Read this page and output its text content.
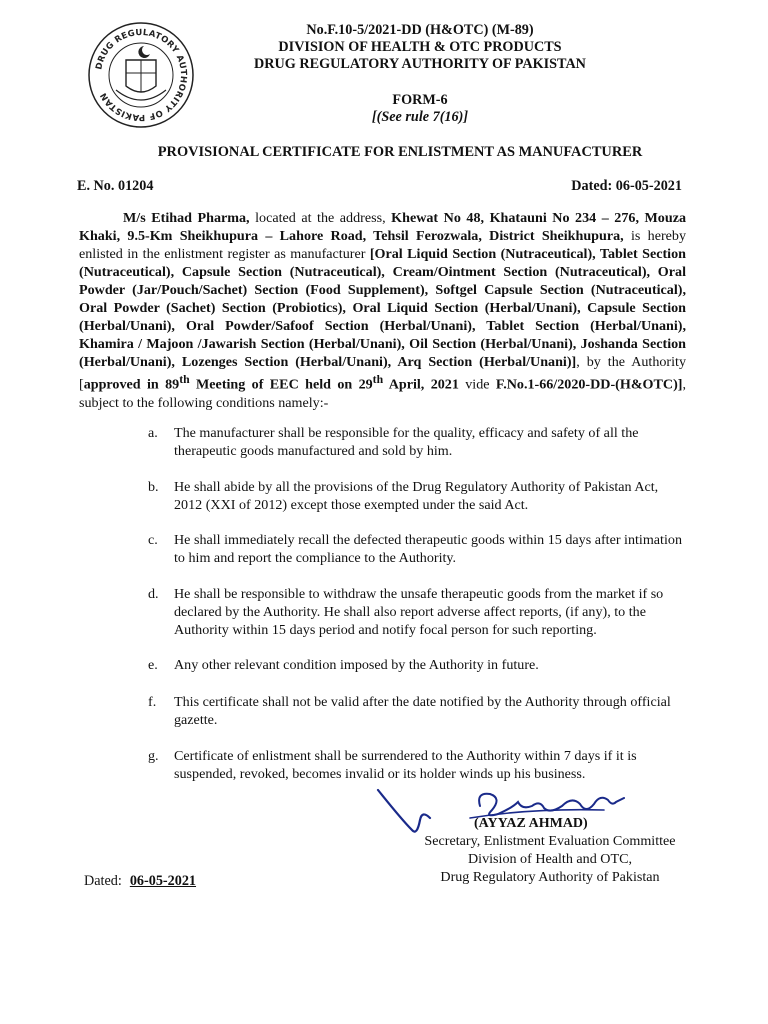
DRUG REGULATORY AUTHORITY OF PAKISTAN
No.F.10-5/2021-DD (H&OTC) (M-89)
DIVISION OF HEALTH & OTC PRODUCTS
DRUG REGULATORY AUTHORITY OF PAKISTAN
FORM-6
[(See rule 7(16)]
PROVISIONAL CERTIFICATE FOR ENLISTMENT AS MANUFACTURER
E. No. 01204	Dated: 06-05-2021
M/s Etihad Pharma, located at the address, Khewat No 48, Khatauni No 234 – 276, Mouza Khaki, 9.5-Km Sheikhupura – Lahore Road, Tehsil Ferozwala, District Sheikhupura, is hereby enlisted in the enlistment register as manufacturer [Oral Liquid Section (Nutraceutical), Tablet Section (Nutraceutical), Capsule Section (Nutraceutical), Cream/Ointment Section (Nutraceutical), Oral Powder (Jar/Pouch/Sachet) Section (Food Supplement), Softgel Capsule Section (Nutraceutical), Oral Powder (Sachet) Section (Probiotics), Oral Liquid Section (Herbal/Unani), Capsule Section (Herbal/Unani), Oral Powder/Safoof Section (Herbal/Unani), Tablet Section (Herbal/Unani), Khamira / Majoon /Jawarish Section (Herbal/Unani), Oil Section (Herbal/Unani), Joshanda Section (Herbal/Unani), Lozenges Section (Herbal/Unani), Arq Section (Herbal/Unani)], by the Authority [approved in 89th Meeting of EEC held on 29th April, 2021 vide F.No.1-66/2020-DD-(H&OTC)], subject to the following conditions namely:-
a. The manufacturer shall be responsible for the quality, efficacy and safety of all the therapeutic goods manufactured and sold by him.
b. He shall abide by all the provisions of the Drug Regulatory Authority of Pakistan Act, 2012 (XXI of 2012) except those exempted under the said Act.
c. He shall immediately recall the defected therapeutic goods within 15 days after intimation to him and report the compliance to the Authority.
d. He shall be responsible to withdraw the unsafe therapeutic goods from the market if so declared by the Authority. He shall also report adverse affect reports, (if any), to the Authority within 15 days period and notify focal person for such reporting.
e. Any other relevant condition imposed by the Authority in future.
f. This certificate shall not be valid after the date notified by the Authority through official gazette.
g. Certificate of enlistment shall be surrendered to the Authority within 7 days if it is suspended, revoked, becomes invalid or its holder winds up his business.
(AYYAZ AHMAD)
Secretary, Enlistment Evaluation Committee
Division of Health and OTC,
Drug Regulatory Authority of Pakistan
Dated: 06-05-2021
